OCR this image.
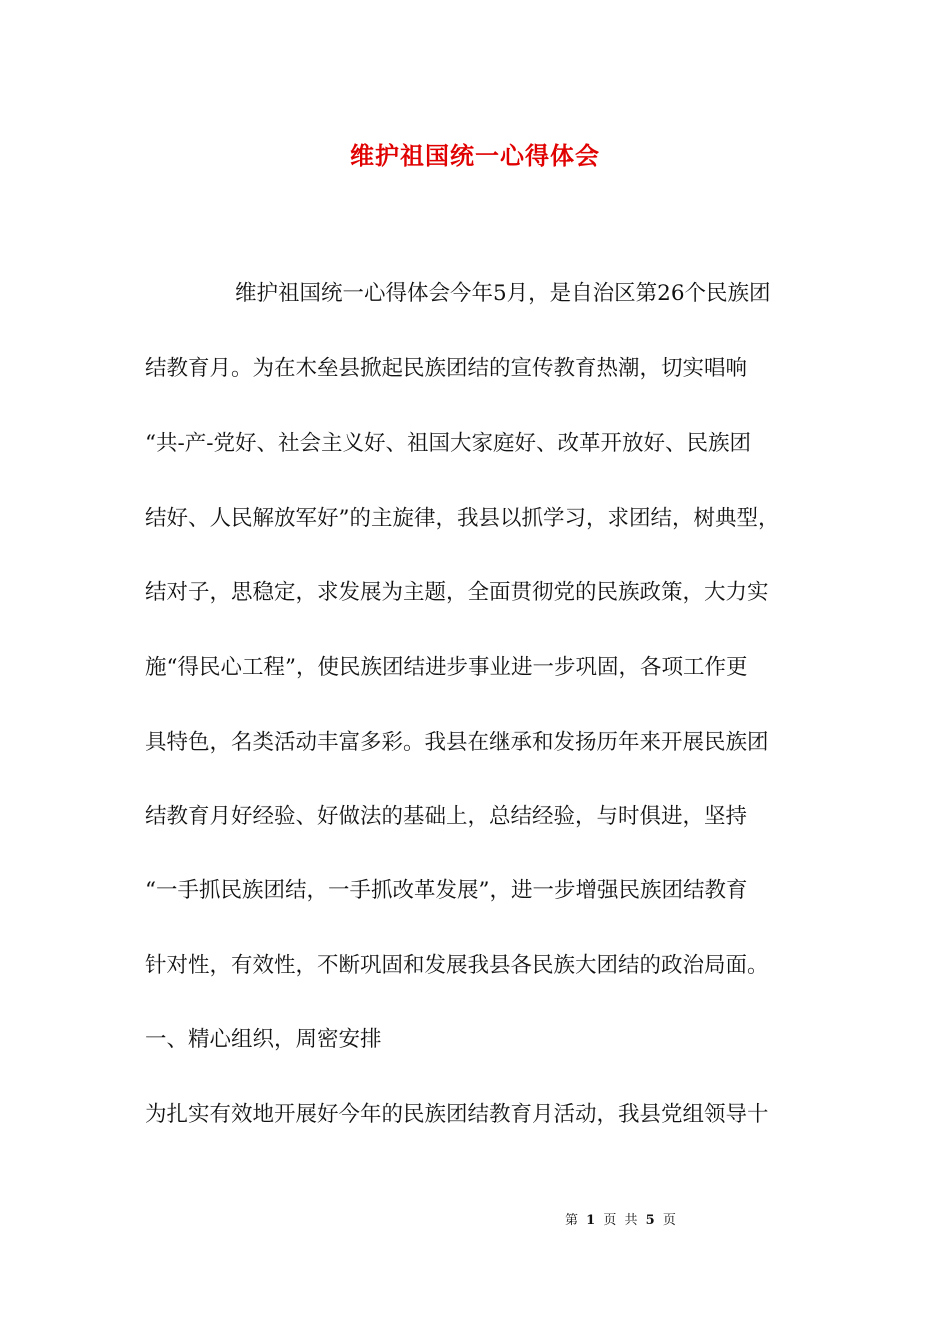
维护祖国统一心得体会
维护祖国统一心得体会今年5月，是自治区第26个民族团
结教育月。为在木垒县掀起民族团结的宣传教育热潮，切实唱响
“共-产-党好、社会主义好、祖国大家庭好、改革开放好、民族团
结好、人民解放军好”的主旋律，我县以抓学习，求团结，树典型，
结对子，思稳定，求发展为主题，全面贯彻党的民族政策，大力实
施“得民心工程”，使民族团结进步事业进一步巩固，各项工作更
具特色，名类活动丰富多彩。我县在继承和发扬历年来开展民族团
结教育月好经验、好做法的基础上，总结经验，与时俱进，坚持
“一手抓民族团结，一手抓改革发展”，进一步增强民族团结教育
针对性，有效性，不断巩固和发展我县各民族大团结的政治局面。
一、精心组织，周密安排
为扎实有效地开展好今年的民族团结教育月活动，我县党组领导十
第 1 页 共 5 页
